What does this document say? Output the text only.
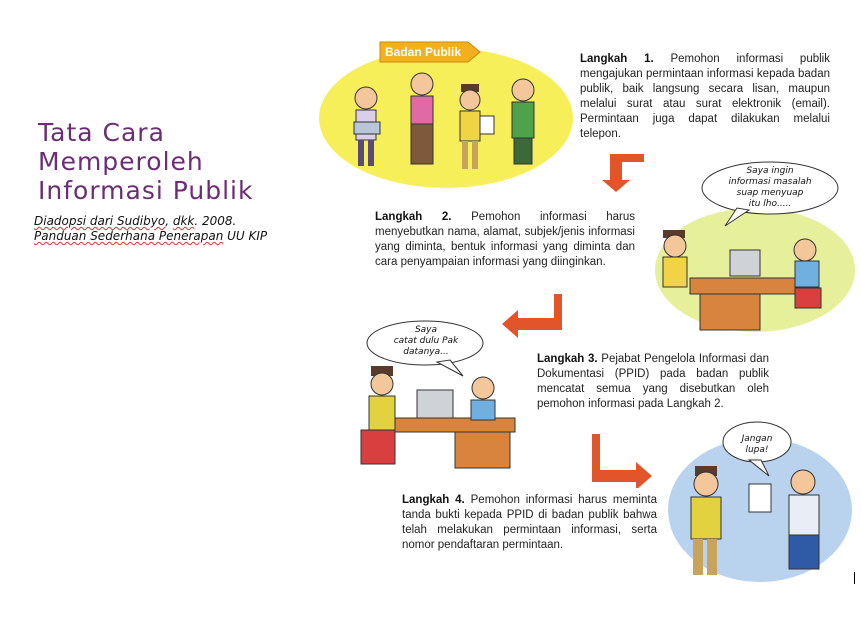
Tata Cara
Memperoleh
Informasi Publik
Diadopsi dari Sudibyo, dkk. 2008.
Panduan Sederhana Penerapan UU KIP
Badan Publik	Langkah 1. Pemohon informasi publik mengajukan permintaan informasi kepada badan publik, baik langsung secara lisan, maupun melalui surat atau surat elektronik (email). Permintaan juga dapat dilakukan melalui telepon.
Saya ingin
informasi masalah
suap menyuap
itu lho.....
Langkah 2. Pemohon informasi harus menyebutkan nama, alamat, subjek/jenis informasi yang diminta, bentuk informasi yang diminta dan cara penyampaian informasi yang diinginkan.
Saya
catat dulu Pak
datanya...
Langkah 3. Pejabat Pengelola Informasi dan Dokumentasi (PPID) pada badan publik mencatat semua yang disebutkan oleh pemohon informasi pada Langkah 2.
Jangan
lupa!
Langkah 4. Pemohon informasi harus meminta tanda bukti kepada PPID di badan publik bahwa telah melakukan permintaan informasi, serta nomor pendaftaran permintaan.
